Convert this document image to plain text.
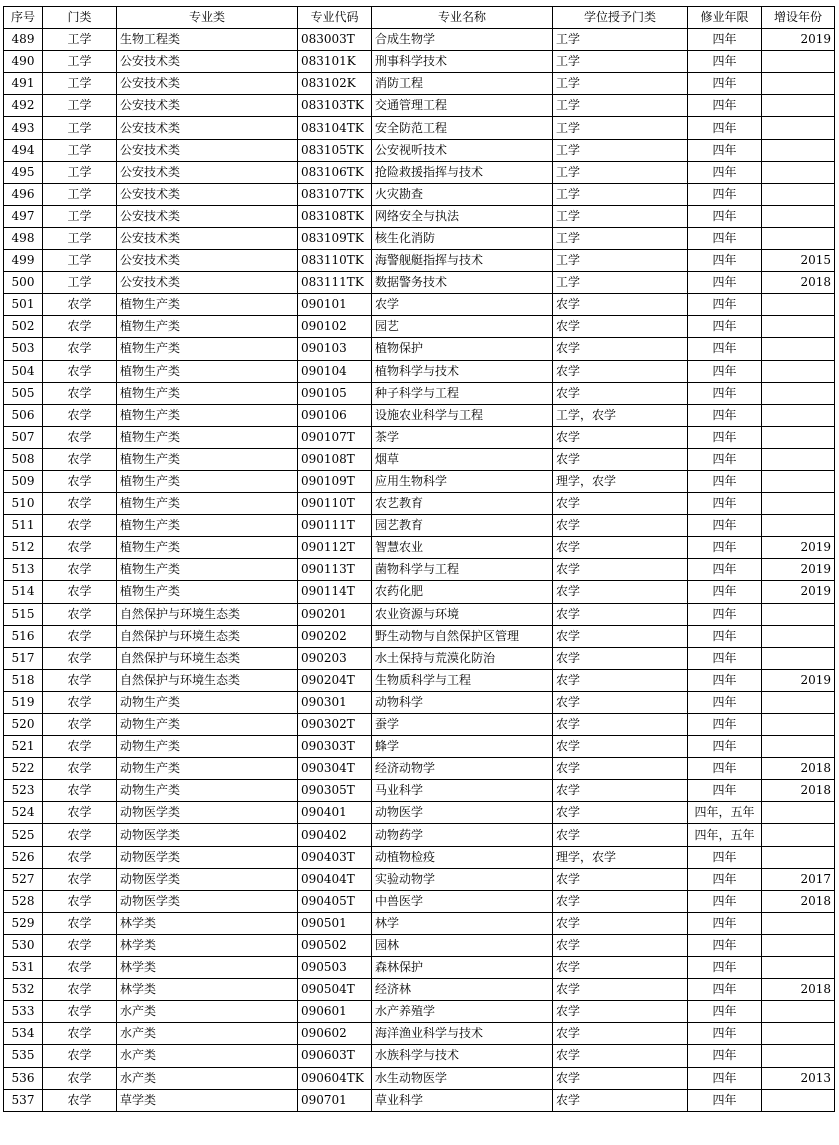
序号	门类	专业类	专业代码	专业名称	学位授予门类	修业年限	增设年份
489	工学	生物工程类	083003T	合成生物学	工学	四年	2019
490	工学	公安技术类	083101K	刑事科学技术	工学	四年	
491	工学	公安技术类	083102K	消防工程	工学	四年	
492	工学	公安技术类	083103TK	交通管理工程	工学	四年	
493	工学	公安技术类	083104TK	安全防范工程	工学	四年	
494	工学	公安技术类	083105TK	公安视听技术	工学	四年	
495	工学	公安技术类	083106TK	抢险救援指挥与技术	工学	四年	
496	工学	公安技术类	083107TK	火灾勘查	工学	四年	
497	工学	公安技术类	083108TK	网络安全与执法	工学	四年	
498	工学	公安技术类	083109TK	核生化消防	工学	四年	
499	工学	公安技术类	083110TK	海警舰艇指挥与技术	工学	四年	2015
500	工学	公安技术类	083111TK	数据警务技术	工学	四年	2018
501	农学	植物生产类	090101	农学	农学	四年	
502	农学	植物生产类	090102	园艺	农学	四年	
503	农学	植物生产类	090103	植物保护	农学	四年	
504	农学	植物生产类	090104	植物科学与技术	农学	四年	
505	农学	植物生产类	090105	种子科学与工程	农学	四年	
506	农学	植物生产类	090106	设施农业科学与工程	工学，农学	四年	
507	农学	植物生产类	090107T	茶学	农学	四年	
508	农学	植物生产类	090108T	烟草	农学	四年	
509	农学	植物生产类	090109T	应用生物科学	理学，农学	四年	
510	农学	植物生产类	090110T	农艺教育	农学	四年	
511	农学	植物生产类	090111T	园艺教育	农学	四年	
512	农学	植物生产类	090112T	智慧农业	农学	四年	2019
513	农学	植物生产类	090113T	菌物科学与工程	农学	四年	2019
514	农学	植物生产类	090114T	农药化肥	农学	四年	2019
515	农学	自然保护与环境生态类	090201	农业资源与环境	农学	四年	
516	农学	自然保护与环境生态类	090202	野生动物与自然保护区管理	农学	四年	
517	农学	自然保护与环境生态类	090203	水土保持与荒漠化防治	农学	四年	
518	农学	自然保护与环境生态类	090204T	生物质科学与工程	农学	四年	2019
519	农学	动物生产类	090301	动物科学	农学	四年	
520	农学	动物生产类	090302T	蚕学	农学	四年	
521	农学	动物生产类	090303T	蜂学	农学	四年	
522	农学	动物生产类	090304T	经济动物学	农学	四年	2018
523	农学	动物生产类	090305T	马业科学	农学	四年	2018
524	农学	动物医学类	090401	动物医学	农学	四年，五年	
525	农学	动物医学类	090402	动物药学	农学	四年，五年	
526	农学	动物医学类	090403T	动植物检疫	理学，农学	四年	
527	农学	动物医学类	090404T	实验动物学	农学	四年	2017
528	农学	动物医学类	090405T	中兽医学	农学	四年	2018
529	农学	林学类	090501	林学	农学	四年	
530	农学	林学类	090502	园林	农学	四年	
531	农学	林学类	090503	森林保护	农学	四年	
532	农学	林学类	090504T	经济林	农学	四年	2018
533	农学	水产类	090601	水产养殖学	农学	四年	
534	农学	水产类	090602	海洋渔业科学与技术	农学	四年	
535	农学	水产类	090603T	水族科学与技术	农学	四年	
536	农学	水产类	090604TK	水生动物医学	农学	四年	2013
537	农学	草学类	090701	草业科学	农学	四年	
